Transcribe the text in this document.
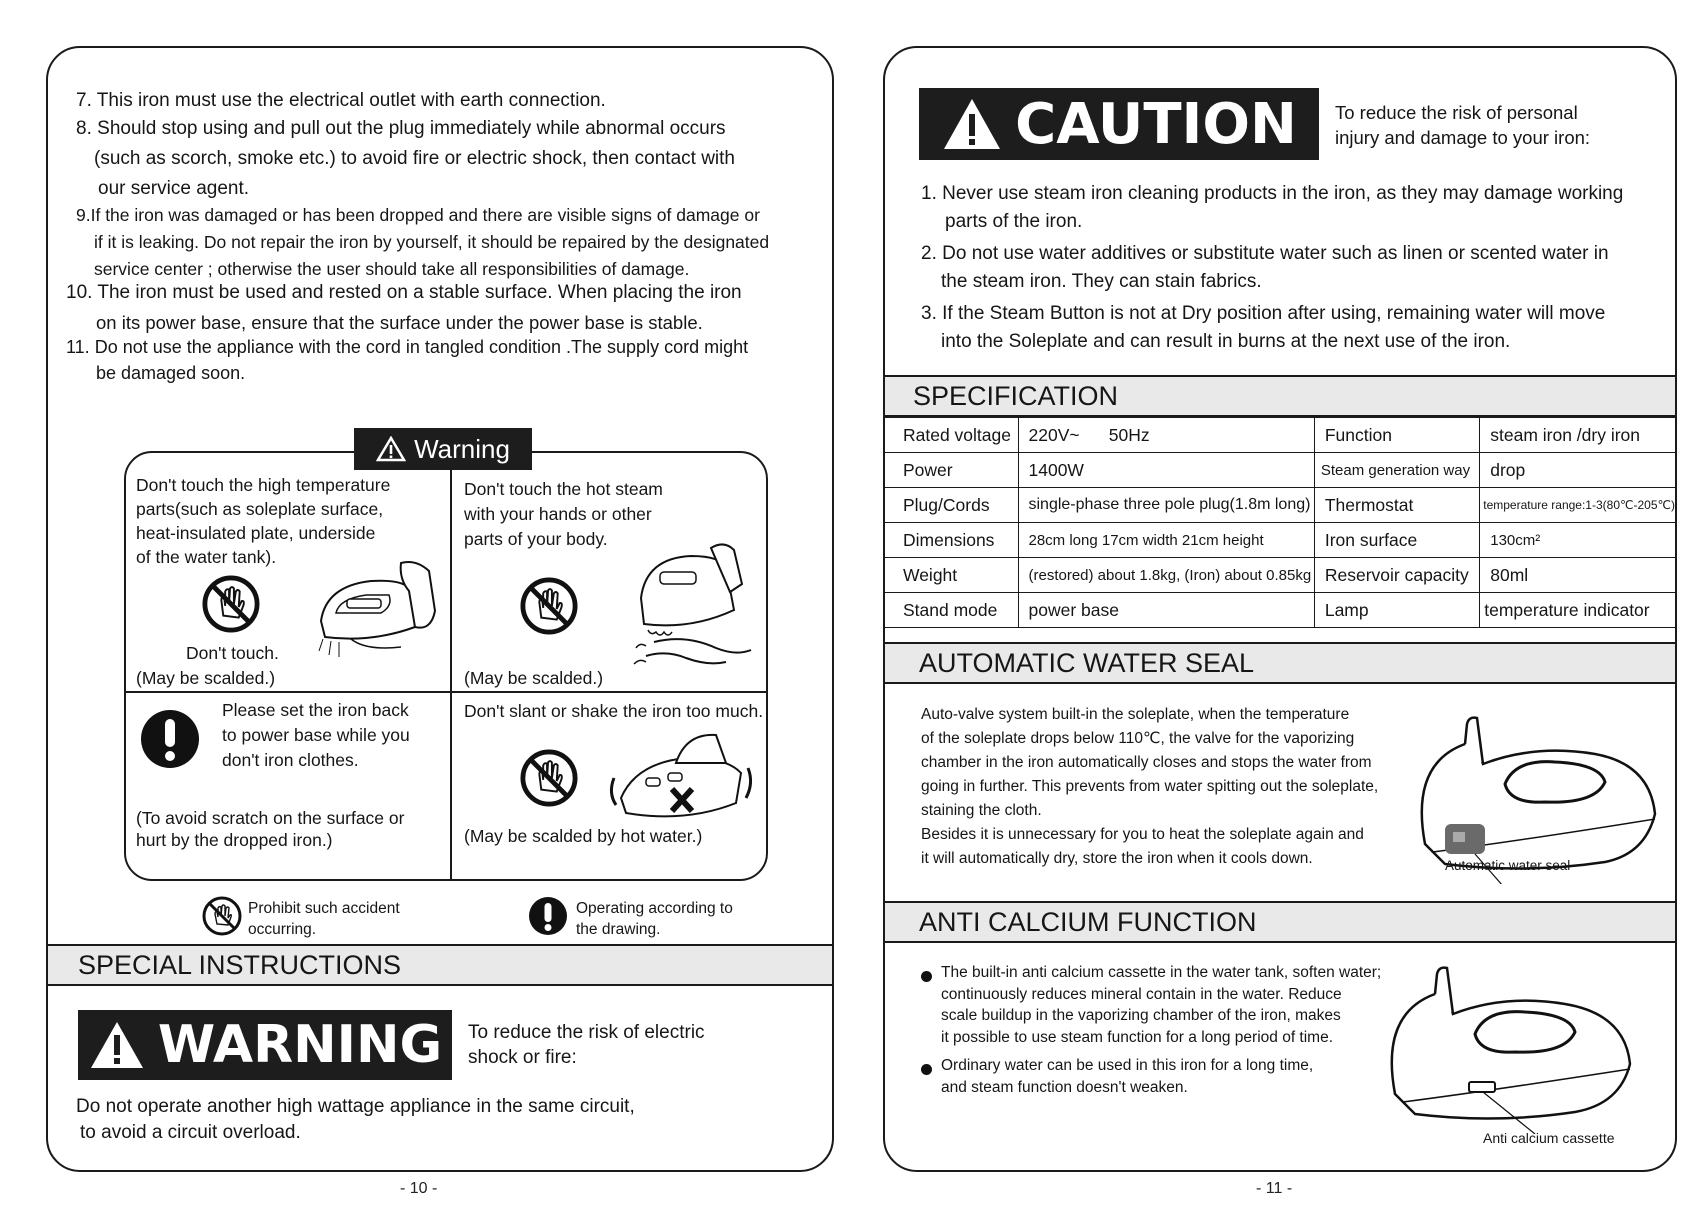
7. This iron must use the electrical outlet with earth connection.
8. Should stop using and pull out the plug immediately while abnormal occurs
(such as scorch, smoke etc.) to avoid fire or electric shock, then contact with
our service agent.
9.If the iron was damaged or has been dropped and there are visible signs of damage or
if it is leaking. Do not repair the iron by yourself, it should be repaired by the designated
service center ; otherwise the user should take all responsibilities of damage.
10. The iron must be used and rested on a stable surface. When placing the iron
on its power base, ensure that the surface under the power base is stable.
11. Do not use the appliance with the cord in tangled condition .The supply cord might
be damaged soon.
Don't touch the high temperature
parts(such as soleplate surface,
heat-insulated plate, underside
of the water tank).
Don't touch.
(May be scalded.)
Don't touch the hot steam
with your hands or other
parts of your body.
(May be scalded.)
Please set the iron back
to power base while you
don't iron clothes.
(To avoid scratch on the surface or
hurt by the dropped iron.)
Don't slant or shake the iron too much.
(May be scalded by hot water.)
Warning
Prohibit such accident
occurring.
Operating according to
the drawing.
SPECIAL INSTRUCTIONS
WARNING To reduce the risk of electric
shock or fire:
Do not operate another high wattage appliance in the same circuit,
to avoid a circuit overload.
- 10 -
CAUTION To reduce the risk of personal
injury and damage to your iron:
1. Never use steam iron cleaning products in the iron, as they may damage working
parts of the iron.
2. Do not use water additives or substitute water such as linen or scented water in
the steam iron. They can stain fabrics.
3. If the Steam Button is not at Dry position after using, remaining water will move
into the Soleplate and can result in burns at the next use of the iron.
SPECIFICATION
Rated voltage	220V~      50Hz	Function	steam iron /dry iron
Power	1400W	Steam generation way	drop
Plug/Cords	single-phase three pole plug(1.8m long)	Thermostat	temperature range:1-3(80℃-205℃)
Dimensions	28cm long 17cm width 21cm height	Iron surface	130cm²
Weight	(restored) about 1.8kg, (Iron) about 0.85kg	Reservoir capacity	80ml
Stand mode	power base	Lamp	temperature indicator
AUTOMATIC WATER SEAL
Auto-valve system built-in the soleplate, when the temperature
of the soleplate drops below 110℃, the valve for the vaporizing
chamber in the iron automatically closes and stops the water from
going in further. This prevents from water spitting out the soleplate,
staining the cloth.
Besides it is unnecessary for you to heat the soleplate again and
it will automatically dry, store the iron when it cools down.	Automatic water seal
ANTI CALCIUM FUNCTION
The built-in anti calcium cassette in the water tank, soften water;
continuously reduces mineral contain in the water. Reduce
scale buildup in the vaporizing chamber of the iron, makes
it possible to use steam function for a long period of time.
Ordinary water can be used in this iron for a long time,
and steam function doesn't weaken.
Anti calcium cassette
- 11 -
